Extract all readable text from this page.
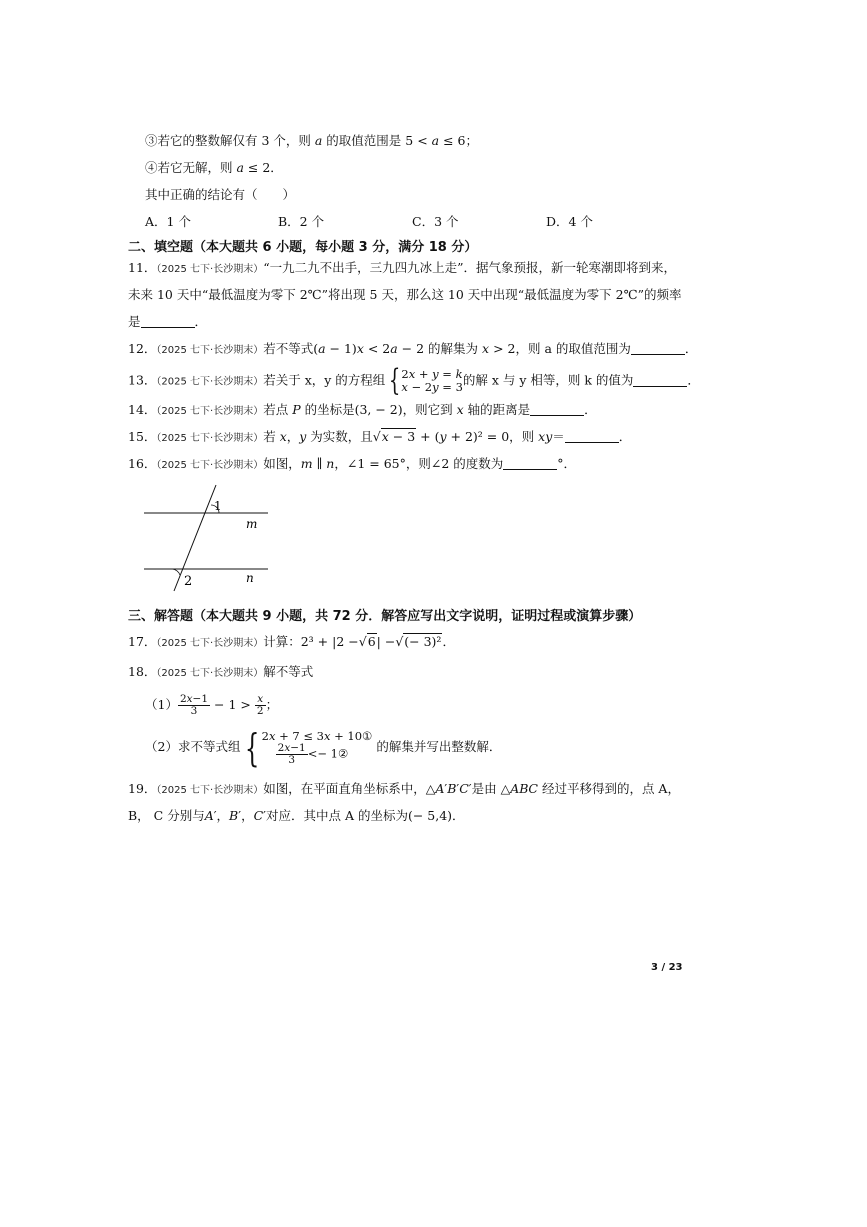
③若它的整数解仅有 3 个，则 𝑎 的取值范围是 5 < 𝑎 ≤ 6；
④若它无解，则 𝑎 ≤ 2．
其中正确的结论有（　　）
A．1 个	B．2 个	C．3 个	D．4 个
二、填空题（本大题共 6 小题，每小题 3 分，满分 18 分）
11．（2025 七下·长沙期末）“一九二九不出手，三九四九冰上走”．据气象预报，新一轮寒潮即将到来，
未来 10 天中“最低温度为零下 2℃”将出现 5 天，那么这 10 天中出现“最低温度为零下 2℃”的频率
是	．
12．（2025 七下·长沙期末）若不等式(𝑎 − 1)𝑥 < 2𝑎 − 2 的解集为 𝑥 > 2，则 a 的取值范围为	．
13．（2025 七下·长沙期末）若关于 x，y 的方程组 { 2𝑥 + 𝑦 = 𝑘
𝑥 − 2𝑦 = 3 的解 x 与 y 相等，则 k 的值为	．
14．（2025 七下·长沙期末）若点 𝑃 的坐标是(3, − 2)，则它到 𝑥 轴的距离是	．
15．（2025 七下·长沙期末）若 𝑥，𝑦 为实数，且√𝑥 − 3 + (𝑦 + 2)² = 0，则 𝑥𝑦＝	．
16．（2025 七下·长沙期末）如图，𝑚 ∥ 𝑛，∠1 = 65°，则∠2 的度数为	°．
1
2
m
n
三、解答题（本大题共 9 小题，共 72 分．解答应写出文字说明，证明过程或演算步骤）
17．（2025 七下·长沙期末）计算：2³ + |2 −√6| −√(− 3)²．
18．（2025 七下·长沙期末）解不等式
$(1) \frac{\text{2𝑥−1}}{3} - 1 > \frac{\text{𝑥}}{2}$ ；
（2）求不等式组 { 2𝑥 + 7 ≤ 3𝑥 + 10①
$\frac{\text{2𝑥−1}}{3}$ <− 1②	的解集并写出整数解．
19．（2025 七下·长沙期末）如图，在平面直角坐标系中，△𝐴′𝐵′𝐶′是由 △𝐴𝐵𝐶 经过平移得到的，点 A，
B， C 分别与𝐴′，𝐵′，𝐶′对应．其中点 A 的坐标为(− 5,4)．
3 / 23
